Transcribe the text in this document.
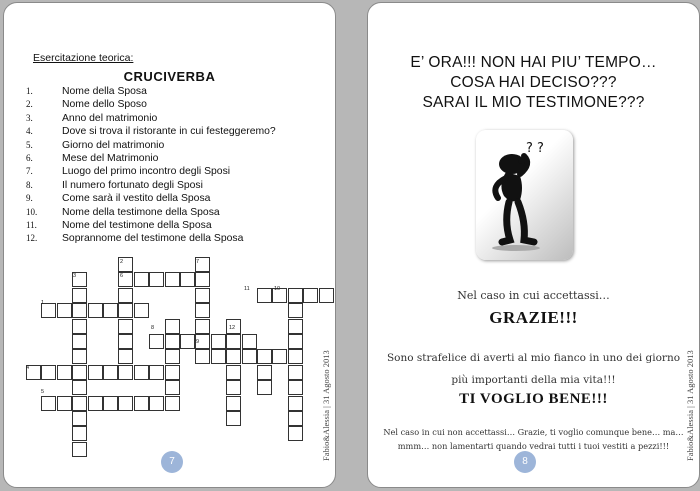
Esercitazione teorica:
CRUCIVERBA
1.	Nome della Sposa
2.	Nome dello Sposo
3.	Anno del matrimonio
4.	Dove si trova il ristorante in cui festeggeremo?
5.	Giorno del matrimonio
6.	Mese del Matrimonio
7.	Luogo del primo incontro degli Sposi
8.	Il numero fortunato degli Sposi
9.	Come sarà il vestito della Sposa
10. Nome della testimone della Sposa
11. Nome del testimone della Sposa
12. Soprannome del testimone della Sposa
2	7
3	6
11	10
1
8	12
9
4
5	Fabio&Alessia | 31 Agosto 2013
7
E’ ORA!!! NON HAI PIU’ TEMPO…
COSA HAI DECISO???
SARAI IL MIO TESTIMONE???
? ?
Nel caso in cui accettassi…
GRAZIE!!!
Sono strafelice di averti al mio fianco in uno dei giorno
più importanti della mia vita!!!
TI VOGLIO BENE!!!
Nel caso in cui non accettassi… Grazie, ti voglio comunque bene… ma…
mmm… non lamentarti quando vedrai tutti i tuoi vestiti a pezzi!!!	Fabio&Alessia | 31 Agosto 2013
8
